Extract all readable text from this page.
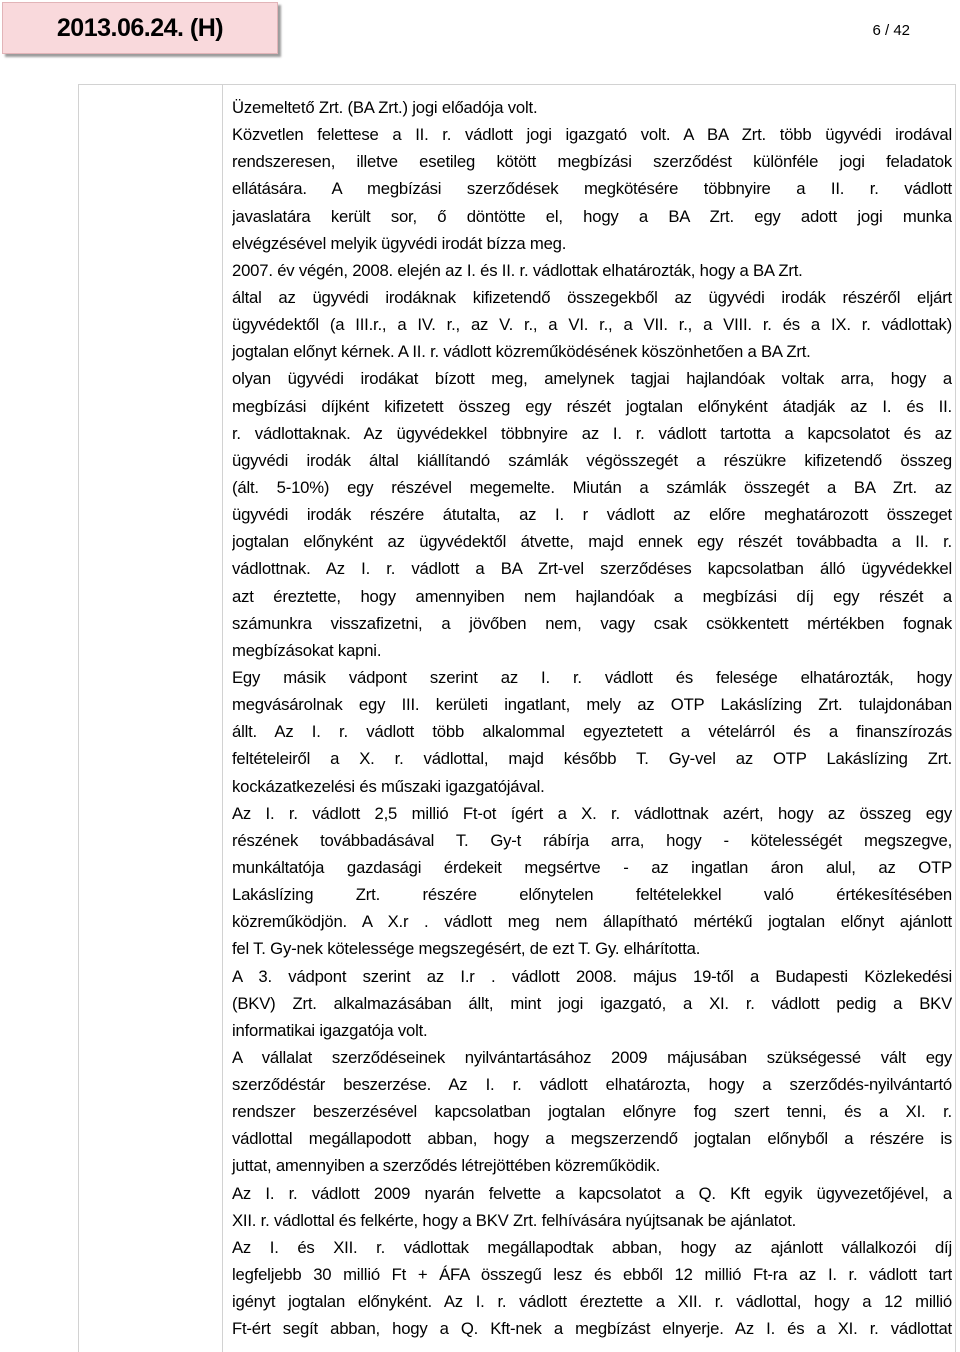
2013.06.24. (H)	6 / 42
Üzemeltető Zrt. (BA Zrt.) jogi előadója volt.
Közvetlen felettese a II. r. vádlott jogi igazgató volt. A BA Zrt. több ügyvédi irodával
rendszeresen, illetve esetileg kötött megbízási szerződést különféle jogi feladatok
ellátására. A megbízási szerződések megkötésére többnyire a II. r. vádlott
javaslatára került sor, ő döntötte el, hogy a BA Zrt. egy adott jogi munka
elvégzésével melyik ügyvédi irodát bízza meg.
2007. év végén, 2008. elején az I. és II. r. vádlottak elhatározták, hogy a BA Zrt.
által az ügyvédi irodáknak kifizetendő összegekből az ügyvédi irodák részéről eljárt
ügyvédektől (a III.r., a IV. r., az V. r., a VI. r., a VII. r., a VIII. r. és a IX. r. vádlottak)
jogtalan előnyt kérnek. A II. r. vádlott közreműködésének köszönhetően a BA Zrt.
olyan ügyvédi irodákat bízott meg, amelynek tagjai hajlandóak voltak arra, hogy a
megbízási díjként kifizetett összeg egy részét jogtalan előnyként átadják az I. és II.
r. vádlottaknak. Az ügyvédekkel többnyire az I. r. vádlott tartotta a kapcsolatot és az
ügyvédi irodák által kiállítandó számlák végösszegét a részükre kifizetendő összeg
(ált. 5-10%) egy részével megemelte. Miután a számlák összegét a BA Zrt. az
ügyvédi irodák részére átutalta, az I. r vádlott az előre meghatározott összeget
jogtalan előnyként az ügyvédektől átvette, majd ennek egy részét továbbadta a II. r.
vádlottnak. Az I. r. vádlott a BA Zrt-vel szerződéses kapcsolatban álló ügyvédekkel
azt éreztette, hogy amennyiben nem hajlandóak a megbízási díj egy részét a
számunkra visszafizetni, a jövőben nem, vagy csak csökkentett mértékben fognak
megbízásokat kapni.
Egy másik vádpont szerint az I. r. vádlott és felesége elhatározták, hogy
megvásárolnak egy III. kerületi ingatlant, mely az OTP Lakáslízing Zrt. tulajdonában
állt. Az I. r. vádlott több alkalommal egyeztetett a vételárról és a finanszírozás
feltételeiről a X. r. vádlottal, majd később T. Gy-vel az OTP Lakáslízing Zrt.
kockázatkezelési és műszaki igazgatójával.
Az I. r. vádlott 2,5 millió Ft-ot ígért a X. r. vádlottnak azért, hogy az összeg egy
részének továbbadásával T. Gy-t rábírja arra, hogy - kötelességét megszegve,
munkáltatója gazdasági érdekeit megsértve - az ingatlan áron alul, az OTP
Lakáslízing Zrt. részére előnytelen feltételekkel való értékesítésében
közreműködjön. A X.r . vádlott meg nem állapítható mértékű jogtalan előnyt ajánlott
fel T. Gy-nek kötelessége megszegésért, de ezt T. Gy. elhárította.
A 3. vádpont szerint az I.r . vádlott 2008. május 19-től a Budapesti Közlekedési
(BKV) Zrt. alkalmazásában állt, mint jogi igazgató, a XI. r. vádlott pedig a BKV
informatikai igazgatója volt.
A vállalat szerződéseinek nyilvántartásához 2009 májusában szükségessé vált egy
szerződéstár beszerzése. Az I. r. vádlott elhatározta, hogy a szerződés-nyilvántartó
rendszer beszerzésével kapcsolatban jogtalan előnyre fog szert tenni, és a XI. r.
vádlottal megállapodott abban, hogy a megszerzendő jogtalan előnyből a részére is
juttat, amennyiben a szerződés létrejöttében közreműködik.
Az I. r. vádlott 2009 nyarán felvette a kapcsolatot a Q. Kft egyik ügyvezetőjével, a
XII. r. vádlottal és felkérte, hogy a BKV Zrt. felhívására nyújtsanak be ajánlatot.
Az I. és XII. r. vádlottak megállapodtak abban, hogy az ajánlott vállalkozói díj
legfeljebb 30 millió Ft + ÁFA összegű lesz és ebből 12 millió Ft-ra az I. r. vádlott tart
igényt jogtalan előnyként. Az I. r. vádlott éreztette a XII. r. vádlottal, hogy a 12 millió
Ft-ért segít abban, hogy a Q. Kft-nek a megbízást elnyerje. Az I. és a XI. r. vádlottat
